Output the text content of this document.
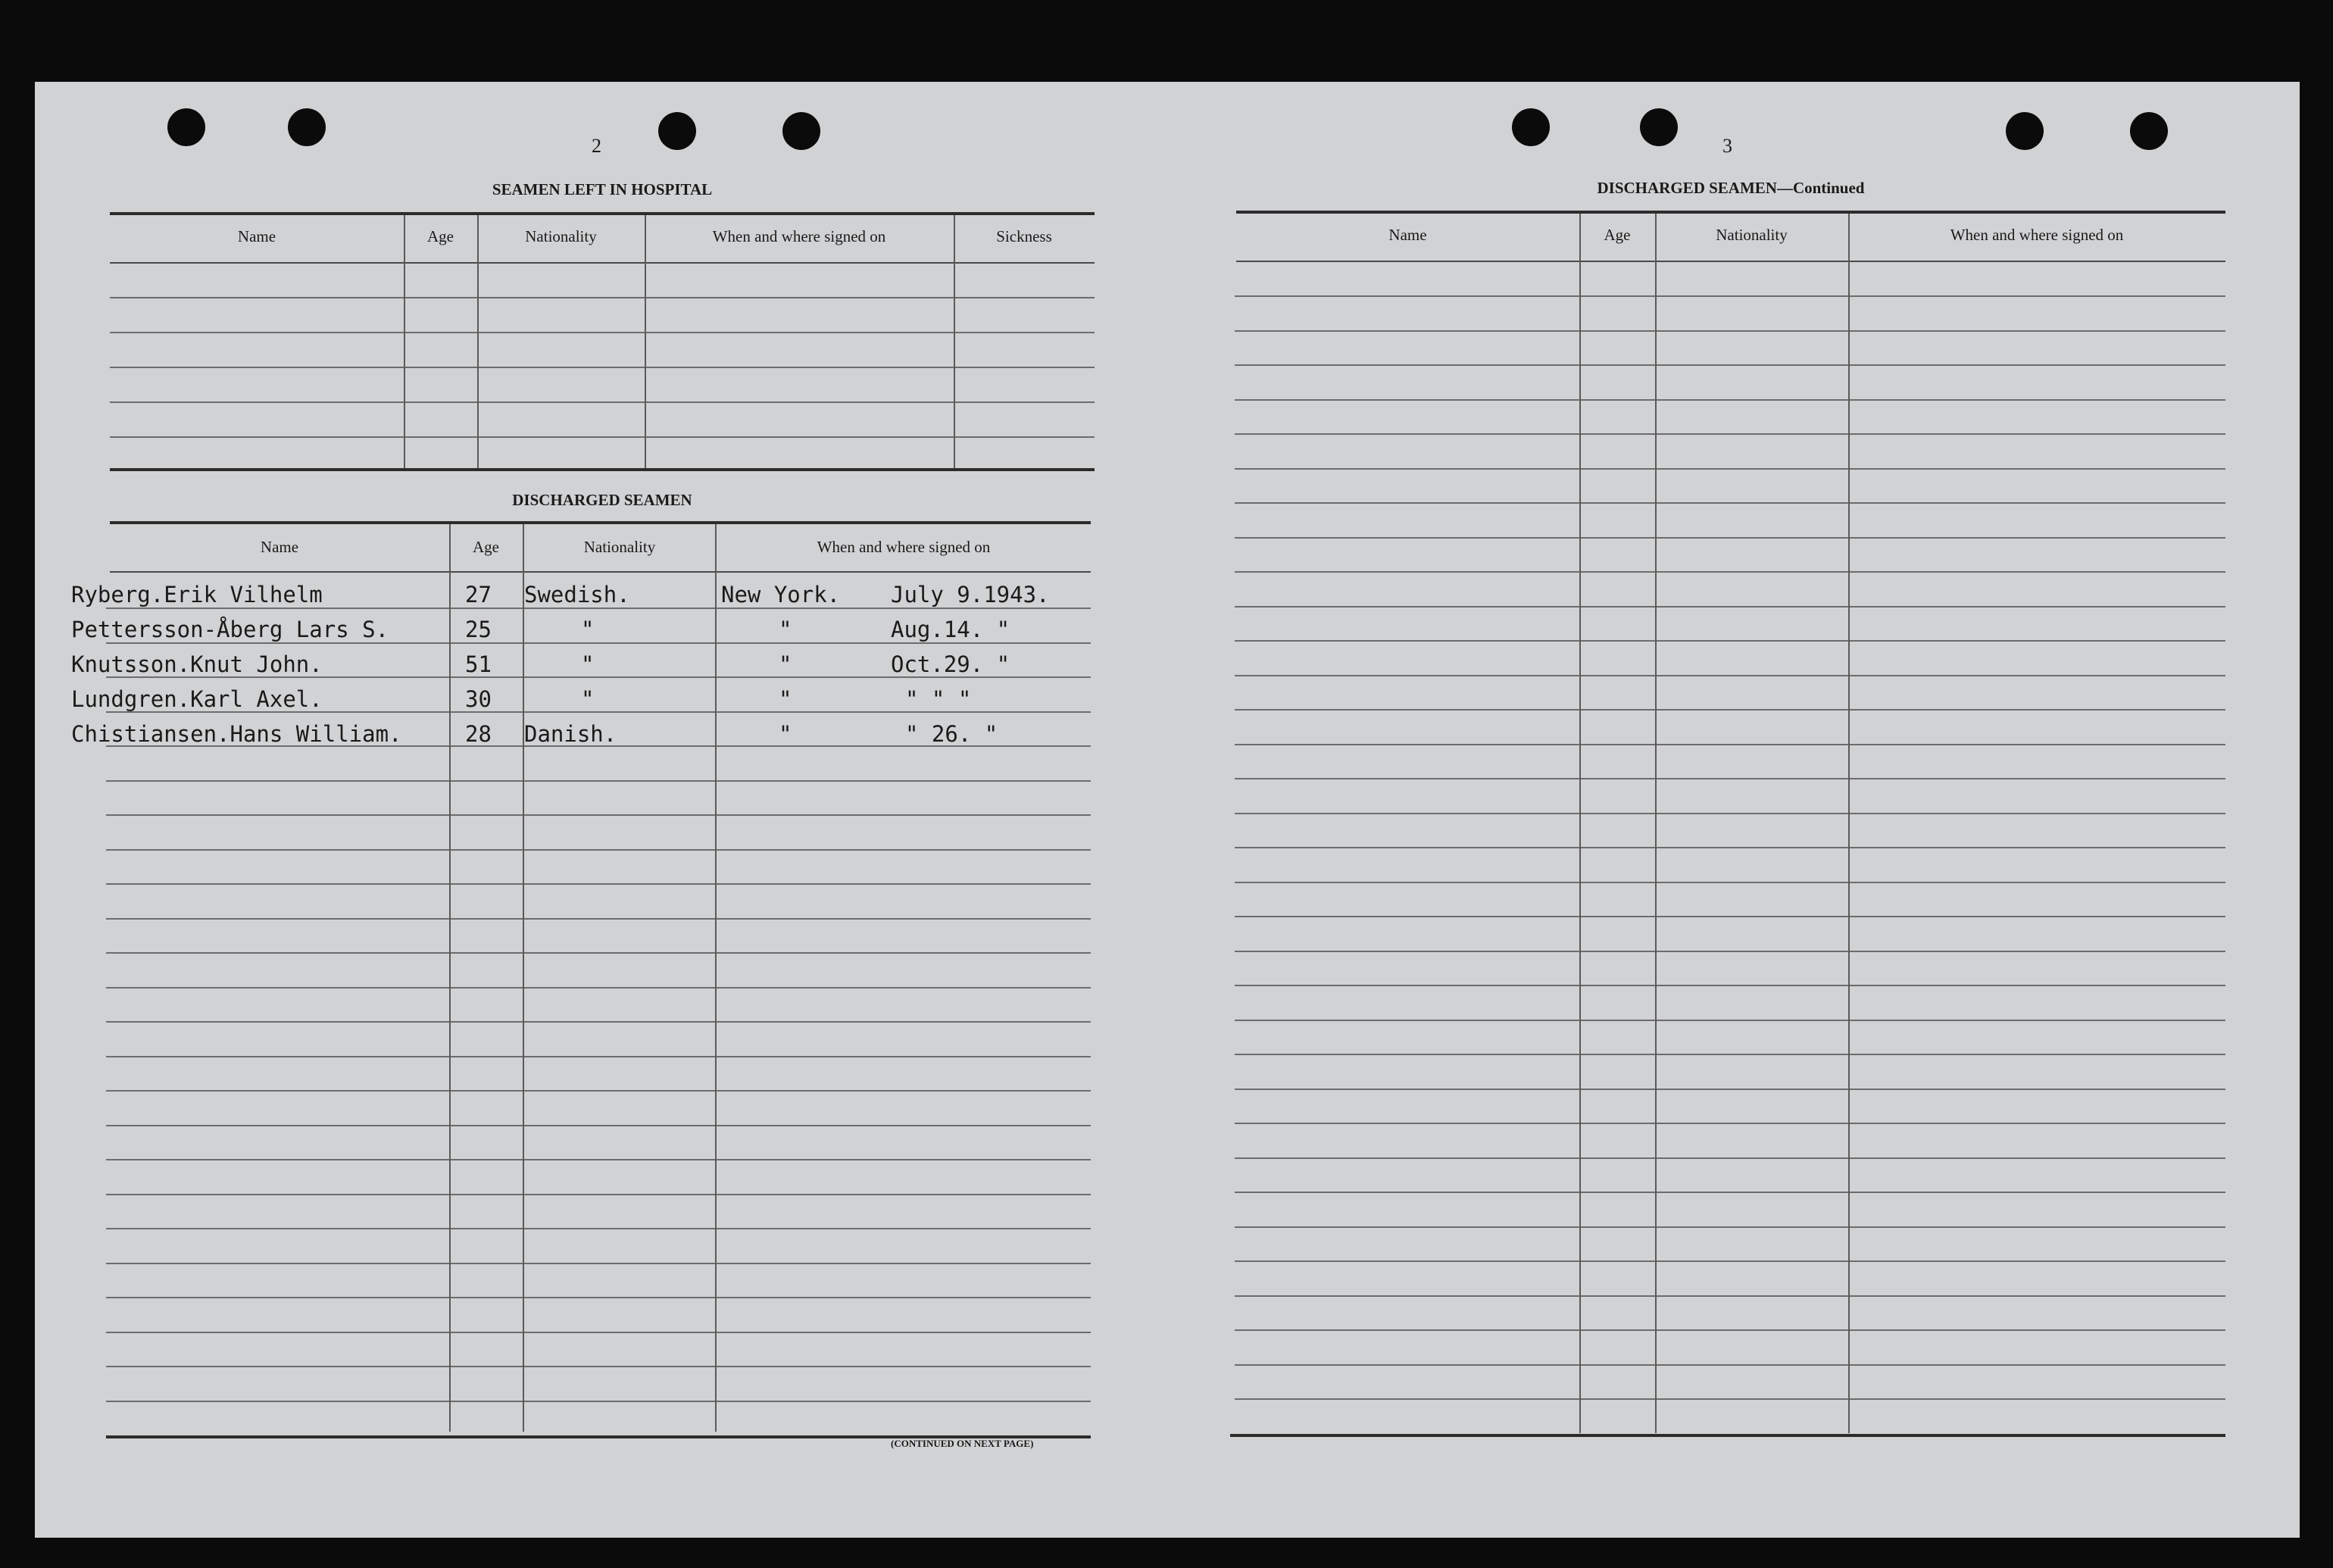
2
SEAMEN LEFT IN HOSPITAL
Name	Age	Nationality	When and where signed on	Sickness
DISCHARGED SEAMEN
Name	Age	Nationality	When and where signed on
Ryberg.Erik Vilhelm	27 Swedish.	New York. July 9.1943.
Pettersson-Åberg Lars S.	25	"	"	Aug.14. "
Knutsson.Knut John.	51	"	"	Oct.29. "
Lundgren.Karl Axel.	30	"	"	" " "
Chistiansen.Hans William.	28 Danish.	"	" 26. "
(CONTINUED ON NEXT PAGE)
3
DISCHARGED SEAMEN—Continued
Name	Age	Nationality	When and where signed on
